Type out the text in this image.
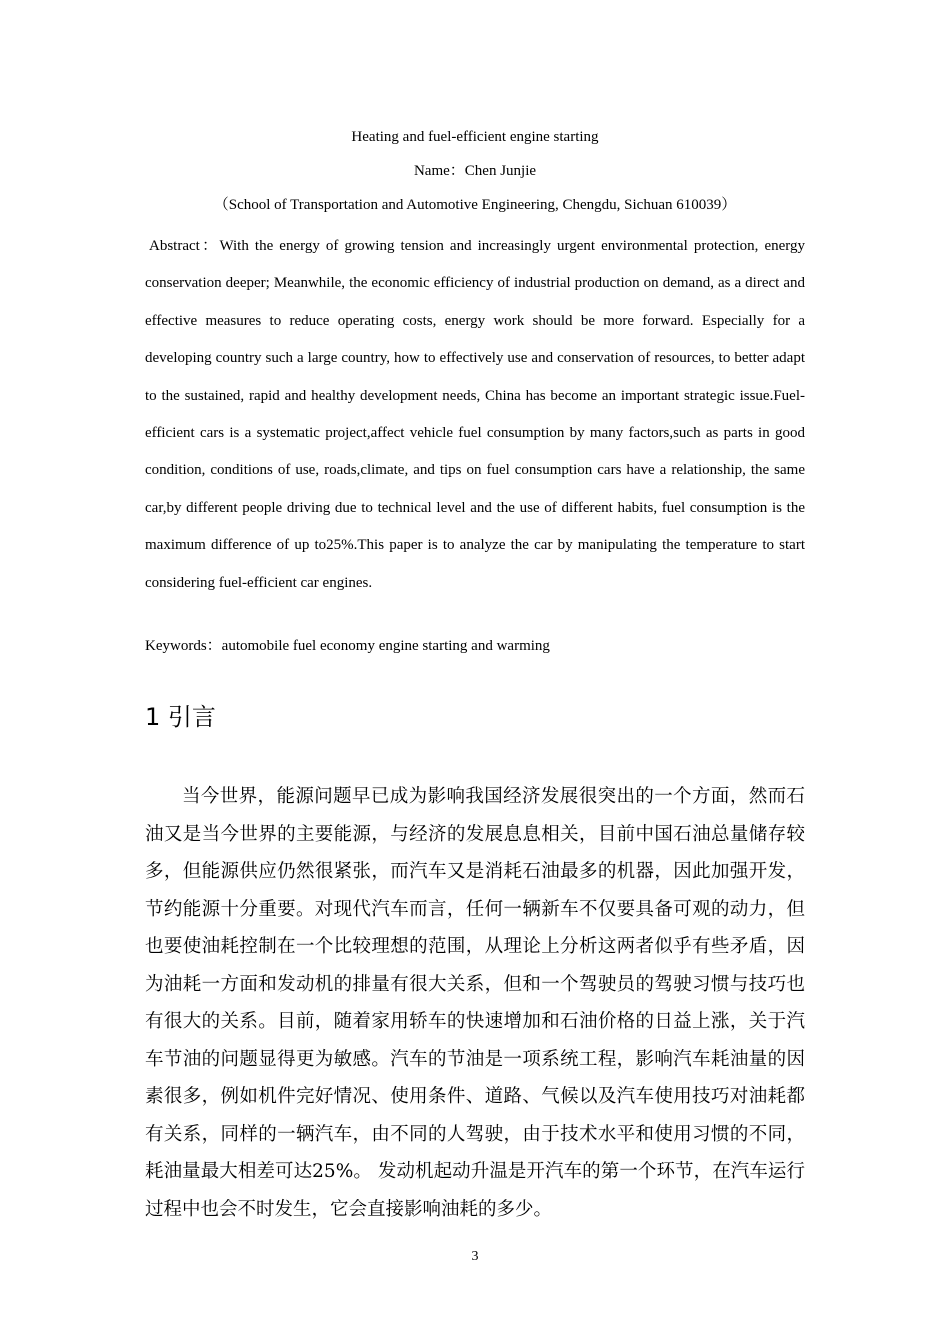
Heating and fuel-efficient engine starting
Name：Chen Junjie
（School of Transportation and Automotive Engineering, Chengdu, Sichuan 610039）
Abstract：With the energy of growing tension and increasingly urgent environmental protection, energy conservation deeper; Meanwhile, the economic efficiency of industrial production on demand, as a direct and effective measures to reduce operating costs, energy work should be more forward. Especially for a developing country such a large country, how to effectively use and conservation of resources, to better adapt to the sustained, rapid and healthy development needs, China has become an important strategic issue.Fuel-efficient cars is a systematic project,affect vehicle fuel consumption by many factors,such as parts in good condition, conditions of use, roads,climate, and tips on fuel consumption cars have a relationship, the same car,by different people driving due to technical level and the use of different habits, fuel consumption is the maximum difference of up to25%.This paper is to analyze the car by manipulating the temperature to start considering fuel-efficient car engines.
Keywords：automobile fuel economy engine starting and warming
1 引言
当今世界，能源问题早已成为影响我国经济发展很突出的一个方面，然而石油又是当今世界的主要能源，与经济的发展息息相关，目前中国石油总量储存较多，但能源供应仍然很紧张，而汽车又是消耗石油最多的机器，因此加强开发，节约能源十分重要。对现代汽车而言，任何一辆新车不仅要具备可观的动力，但也要使油耗控制在一个比较理想的范围，从理论上分析这两者似乎有些矛盾，因为油耗一方面和发动机的排量有很大关系，但和一个驾驶员的驾驶习惯与技巧也有很大的关系。目前，随着家用轿车的快速增加和石油价格的日益上涨，关于汽车节油的问题显得更为敏感。汽车的节油是一项系统工程，影响汽车耗油量的因素很多，例如机件完好情况、使用条件、道路、气候以及汽车使用技巧对油耗都有关系，同样的一辆汽车，由不同的人驾驶，由于技术水平和使用习惯的不同，耗油量最大相差可达25%。 发动机起动升温是开汽车的第一个环节，在汽车运行过程中也会不时发生，它会直接影响油耗的多少。
3
